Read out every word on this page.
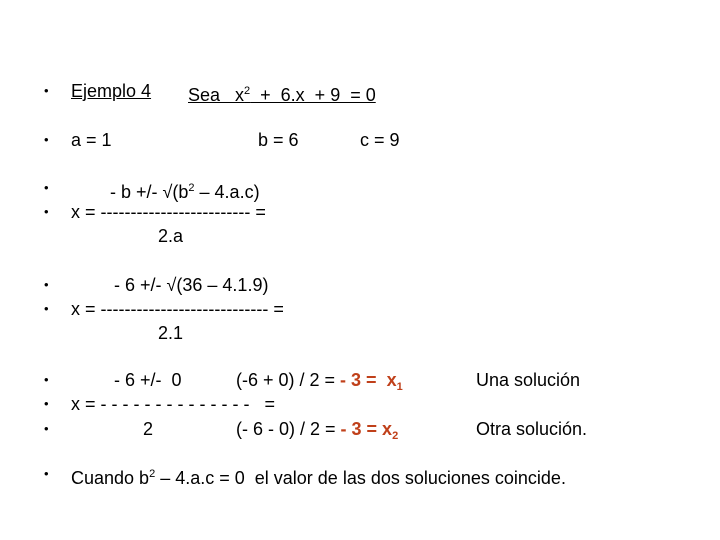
• Ejemplo 4 Sea   $x^2 + 6.x + 9 = 0$
• a = 1	b = 6	c = 9
•	- b +/- $√(b^2 - 4.a.c)$
• x = ------------------------- =
2.a
•	- 6 +/- √(36 – 4.1.9)
• x = ---------------------------- =
2.1
•	- 6 +/-  0	(-6 + 0) / 2 = - $3 = x_1$	Una solución
• x = - - - - - - - - - - - - - -   =
•	2	(- 6 - 0) / 2 = - $3 = x_2$	Otra solución.
• Cuando $b^2 - 4.a.c = 0$  el valor de las dos soluciones coincide.
